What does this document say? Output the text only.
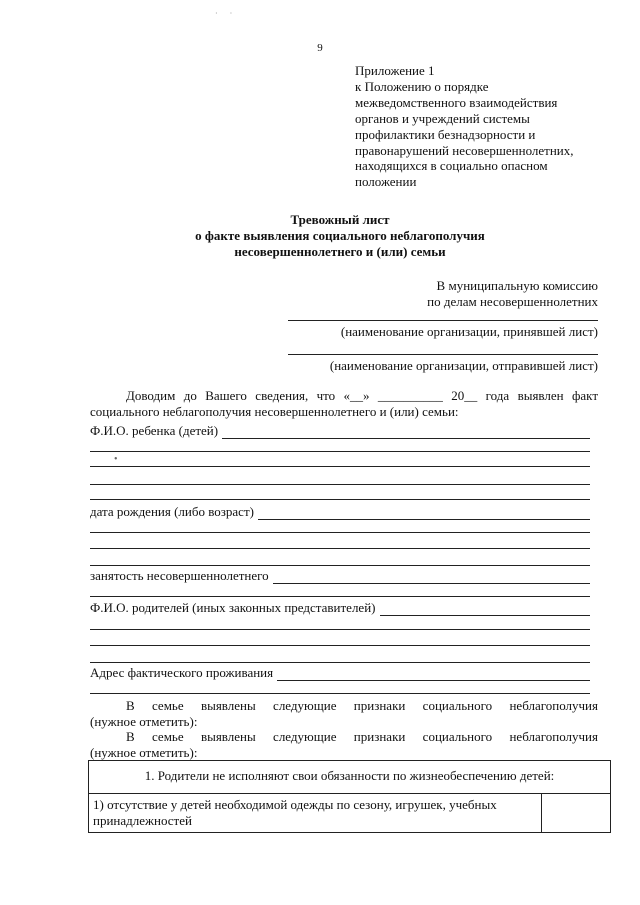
·      ·
9
Приложение 1
к Положению о порядке
межведомственного взаимодействия
органов и учреждений системы
профилактики безнадзорности и
правонарушений несовершеннолетних,
находящихся в социально опасном
положении
Тревожный лист
о факте выявления социального неблагополучия
несовершеннолетнего и (или) семьи
В муниципальную комиссию
по делам несовершеннолетних
(наименование организации, принявшей лист)
(наименование организации, отправившей лист)
Доводим до Вашего сведения, что «__» __________ 20__ года выявлен факт
социального неблагополучия несовершеннолетнего и (или) семьи:
Ф.И.О. ребенка (детей)
•
дата рождения (либо возраст)
занятость несовершеннолетнего
Ф.И.О. родителей (иных законных представителей)
Адрес фактического проживания
В семье выявлены следующие признаки социального неблагополучия
(нужное отметить):
В семье выявлены следующие признаки социального неблагополучия
(нужное отметить):
1. Родители не исполняют свои обязанности по жизнеобеспечению детей:
1) отсутствие у детей необходимой одежды по сезону, игрушек, учебных принадлежностей	
